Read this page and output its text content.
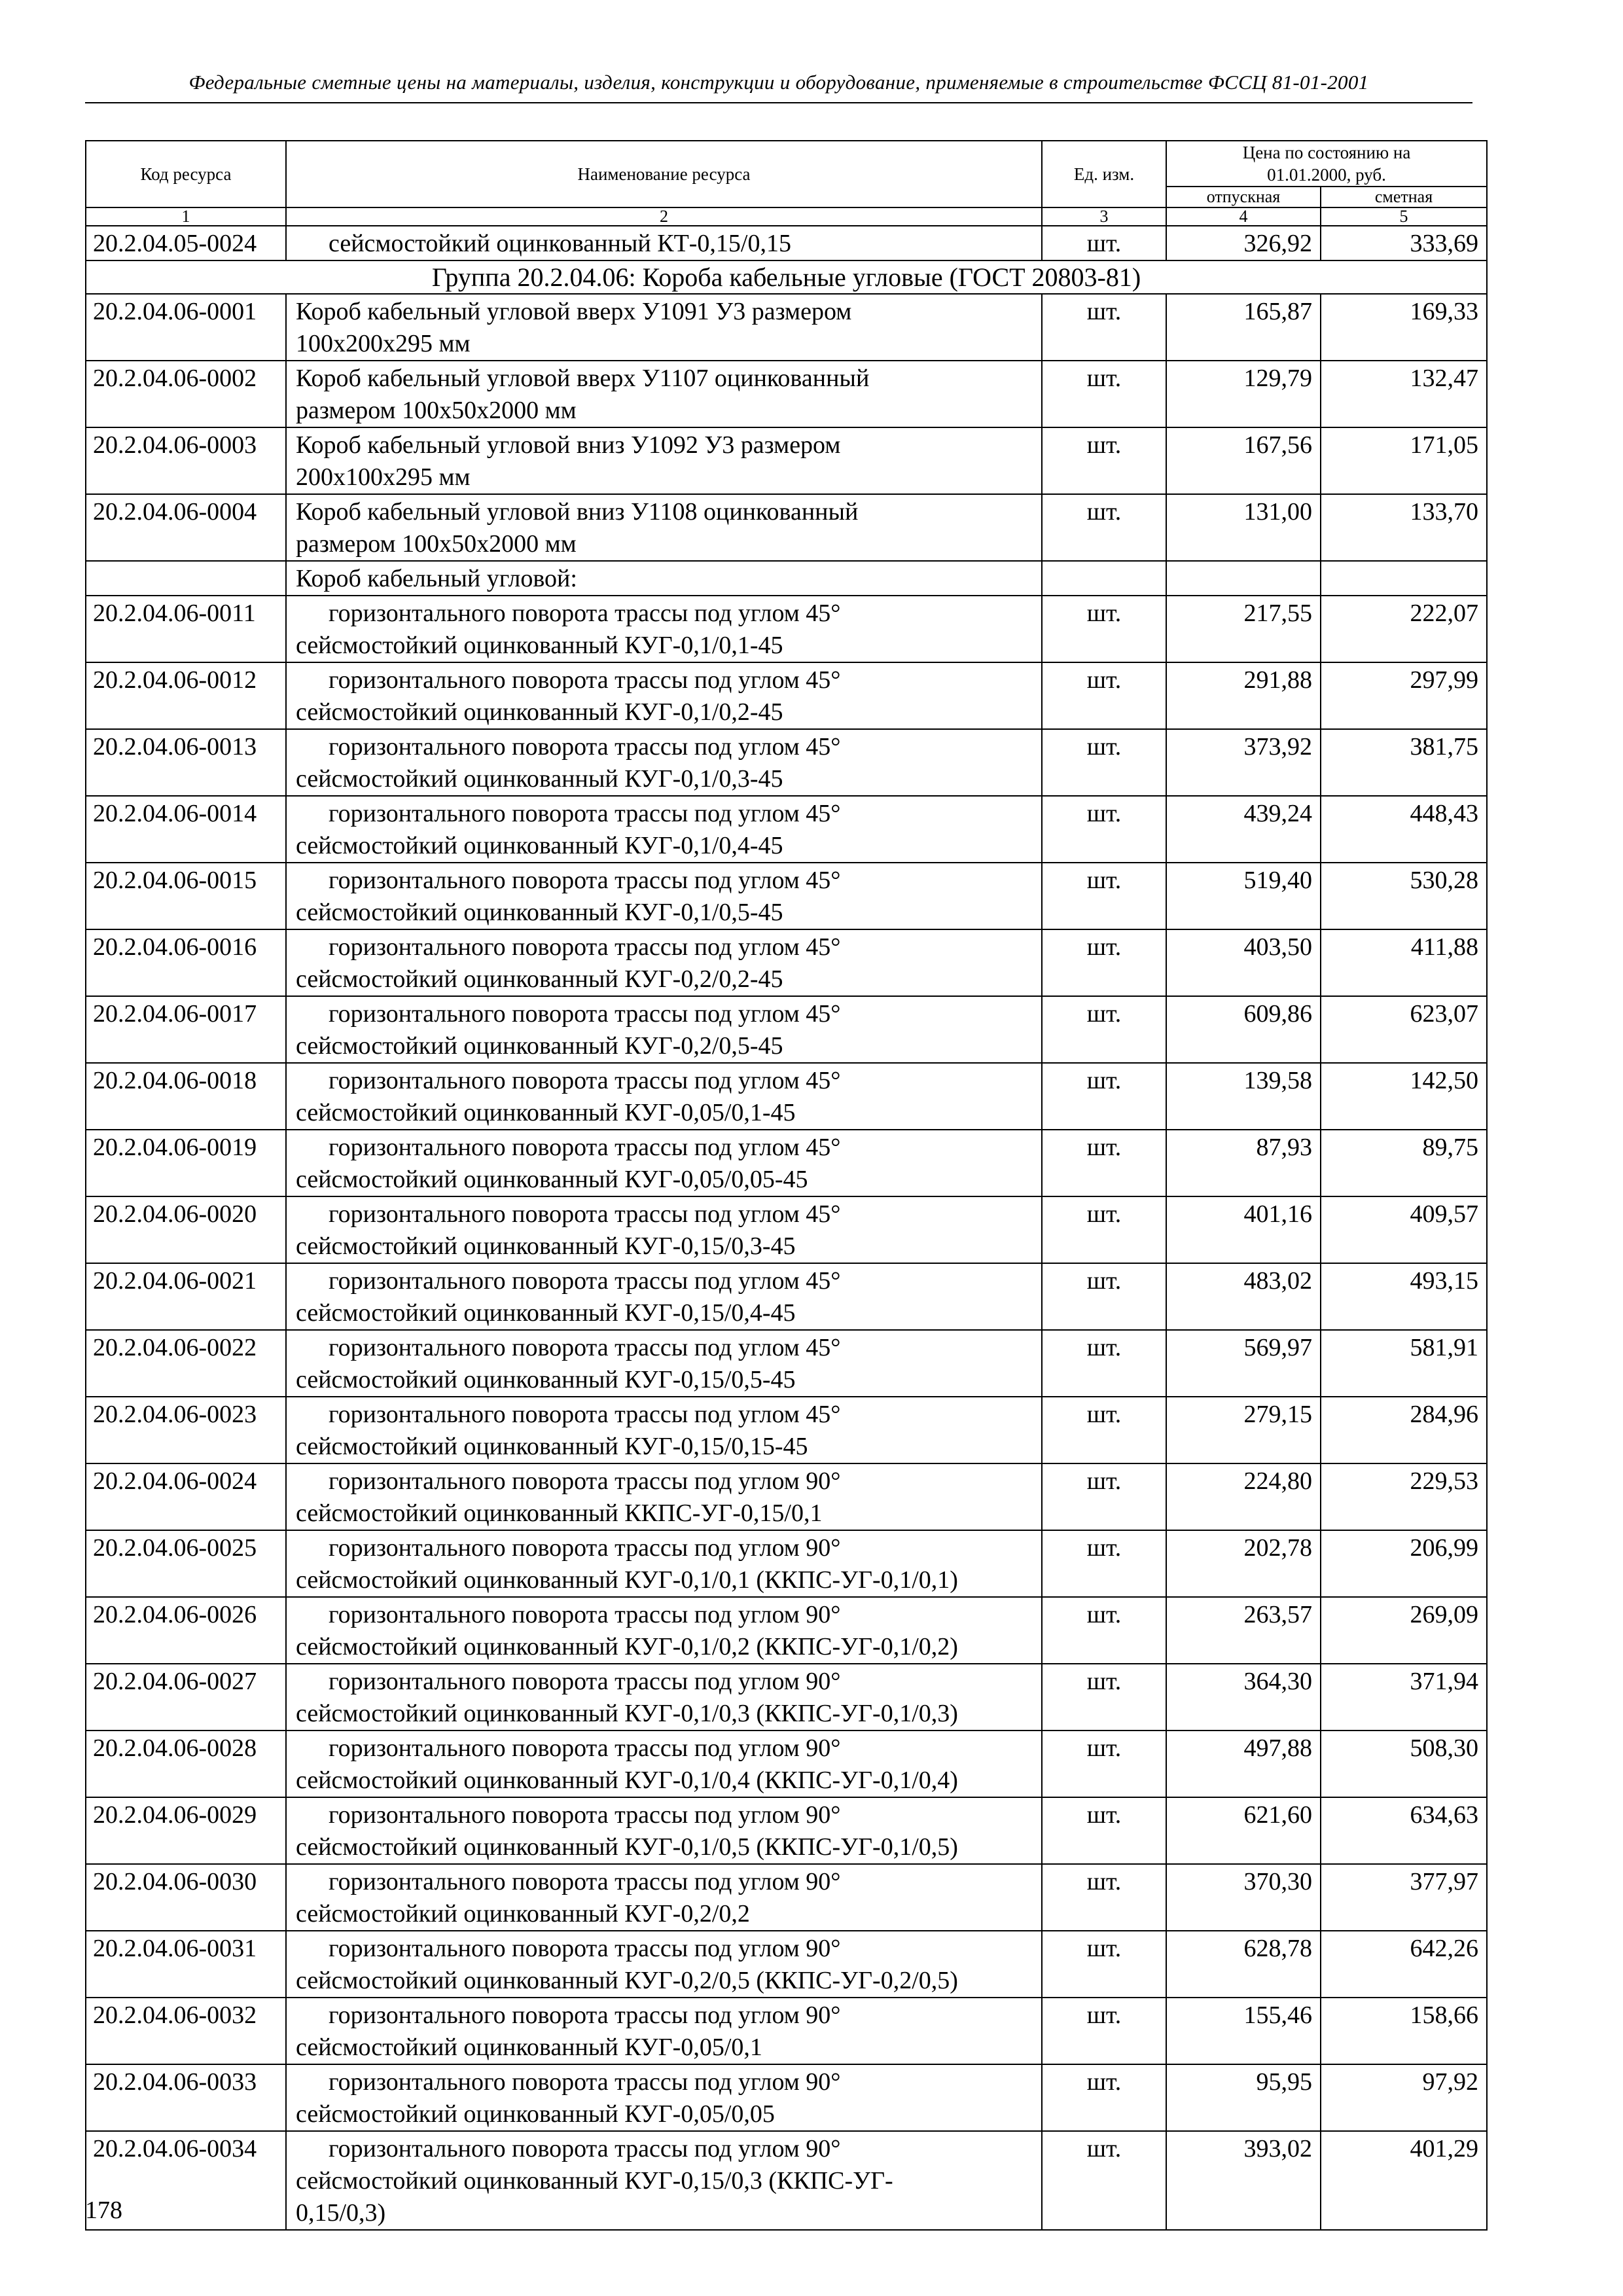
Федеральные сметные цены на материалы, изделия, конструкции и оборудование, применяемые в строительстве ФССЦ 81-01-2001
Код ресурса	Наименование ресурса	Ед. изм.	Цена по состоянию на 01.01.2000, руб.	
			отпускная	сметная
1	2	3	4	5
20.2.04.05-0024	сейсмостойкий оцинкованный КТ-0,15/0,15	шт.	326,92	333,69
Группа 20.2.04.06: Короба кабельные угловые (ГОСТ 20803-81)				
20.2.04.06-0001	Короб кабельный угловой вверх У1091 У3 размером
100х200х295 мм	шт.	165,87	169,33
20.2.04.06-0002	Короб кабельный угловой вверх У1107 оцинкованный
размером 100х50х2000 мм	шт.	129,79	132,47
20.2.04.06-0003	Короб кабельный угловой вниз У1092 У3 размером
200х100х295 мм	шт.	167,56	171,05
20.2.04.06-0004	Короб кабельный угловой вниз У1108 оцинкованный
размером 100х50х2000 мм	шт.	131,00	133,70
	Короб кабельный угловой:			
20.2.04.06-0011	горизонтального поворота трассы под углом 45°
сейсмостойкий оцинкованный КУГ-0,1/0,1-45	шт.	217,55	222,07
20.2.04.06-0012	горизонтального поворота трассы под углом 45°
сейсмостойкий оцинкованный КУГ-0,1/0,2-45	шт.	291,88	297,99
20.2.04.06-0013	горизонтального поворота трассы под углом 45°
сейсмостойкий оцинкованный КУГ-0,1/0,3-45	шт.	373,92	381,75
20.2.04.06-0014	горизонтального поворота трассы под углом 45°
сейсмостойкий оцинкованный КУГ-0,1/0,4-45	шт.	439,24	448,43
20.2.04.06-0015	горизонтального поворота трассы под углом 45°
сейсмостойкий оцинкованный КУГ-0,1/0,5-45	шт.	519,40	530,28
20.2.04.06-0016	горизонтального поворота трассы под углом 45°
сейсмостойкий оцинкованный КУГ-0,2/0,2-45	шт.	403,50	411,88
20.2.04.06-0017	горизонтального поворота трассы под углом 45°
сейсмостойкий оцинкованный КУГ-0,2/0,5-45	шт.	609,86	623,07
20.2.04.06-0018	горизонтального поворота трассы под углом 45°
сейсмостойкий оцинкованный КУГ-0,05/0,1-45	шт.	139,58	142,50
20.2.04.06-0019	горизонтального поворота трассы под углом 45°
сейсмостойкий оцинкованный КУГ-0,05/0,05-45	шт.	87,93	89,75
20.2.04.06-0020	горизонтального поворота трассы под углом 45°
сейсмостойкий оцинкованный КУГ-0,15/0,3-45	шт.	401,16	409,57
20.2.04.06-0021	горизонтального поворота трассы под углом 45°
сейсмостойкий оцинкованный КУГ-0,15/0,4-45	шт.	483,02	493,15
20.2.04.06-0022	горизонтального поворота трассы под углом 45°
сейсмостойкий оцинкованный КУГ-0,15/0,5-45	шт.	569,97	581,91
20.2.04.06-0023	горизонтального поворота трассы под углом 45°
сейсмостойкий оцинкованный КУГ-0,15/0,15-45	шт.	279,15	284,96
20.2.04.06-0024	горизонтального поворота трассы под углом 90°
сейсмостойкий оцинкованный ККПС-УГ-0,15/0,1	шт.	224,80	229,53
20.2.04.06-0025	горизонтального поворота трассы под углом 90°
сейсмостойкий оцинкованный КУГ-0,1/0,1 (ККПС-УГ-0,1/0,1)	шт.	202,78	206,99
20.2.04.06-0026	горизонтального поворота трассы под углом 90°
сейсмостойкий оцинкованный КУГ-0,1/0,2 (ККПС-УГ-0,1/0,2)	шт.	263,57	269,09
20.2.04.06-0027	горизонтального поворота трассы под углом 90°
сейсмостойкий оцинкованный КУГ-0,1/0,3 (ККПС-УГ-0,1/0,3)	шт.	364,30	371,94
20.2.04.06-0028	горизонтального поворота трассы под углом 90°
сейсмостойкий оцинкованный КУГ-0,1/0,4 (ККПС-УГ-0,1/0,4)	шт.	497,88	508,30
20.2.04.06-0029	горизонтального поворота трассы под углом 90°
сейсмостойкий оцинкованный КУГ-0,1/0,5 (ККПС-УГ-0,1/0,5)	шт.	621,60	634,63
20.2.04.06-0030	горизонтального поворота трассы под углом 90°
сейсмостойкий оцинкованный КУГ-0,2/0,2	шт.	370,30	377,97
20.2.04.06-0031	горизонтального поворота трассы под углом 90°
сейсмостойкий оцинкованный КУГ-0,2/0,5 (ККПС-УГ-0,2/0,5)	шт.	628,78	642,26
20.2.04.06-0032	горизонтального поворота трассы под углом 90°
сейсмостойкий оцинкованный КУГ-0,05/0,1	шт.	155,46	158,66
20.2.04.06-0033	горизонтального поворота трассы под углом 90°
сейсмостойкий оцинкованный КУГ-0,05/0,05	шт.	95,95	97,92
20.2.04.06-0034	горизонтального поворота трассы под углом 90°
сейсмостойкий оцинкованный КУГ-0,15/0,3 (ККПС-УГ-
0,15/0,3)	шт.	393,02	401,29
178
